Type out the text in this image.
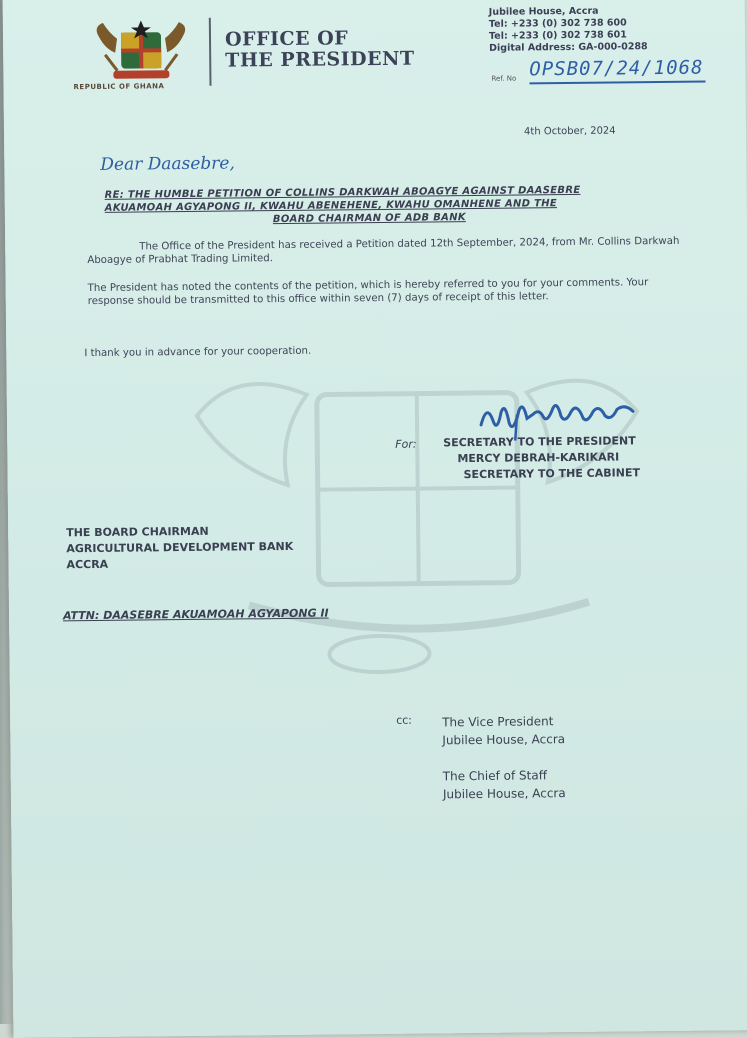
REPUBLIC OF GHANA
OFFICE OF
THE PRESIDENT
Jubilee House, Accra
Tel: +233 (0) 302 738 600
Tel: +233 (0) 302 738 601
Digital Address: GA-000-0288
Ref. No OPSB07/24/1068
4th October, 2024
Dear Daasebre,
RE: THE HUMBLE PETITION OF COLLINS DARKWAH ABOAGYE AGAINST DAASEBRE
AKUAMOAH AGYAPONG II, KWAHU ABENEHENE, KWAHU OMANHENE AND THE
BOARD CHAIRMAN OF ADB BANK
The Office of the President has received a Petition dated 12th September, 2024, from Mr. Collins Darkwah Aboagye of Prabhat Trading Limited.
The President has noted the contents of the petition, which is hereby referred to you for your comments. Your response should be transmitted to this office within seven (7) days of receipt of this letter.
I thank you in advance for your cooperation.
For: SECRETARY TO THE PRESIDENT
MERCY DEBRAH-KARIKARI
SECRETARY TO THE CABINET
THE BOARD CHAIRMAN
AGRICULTURAL DEVELOPMENT BANK
ACCRA
ATTN: DAASEBRE AKUAMOAH AGYAPONG II
cc:	The Vice President
Jubilee House, Accra
The Chief of Staff
Jubilee House, Accra
